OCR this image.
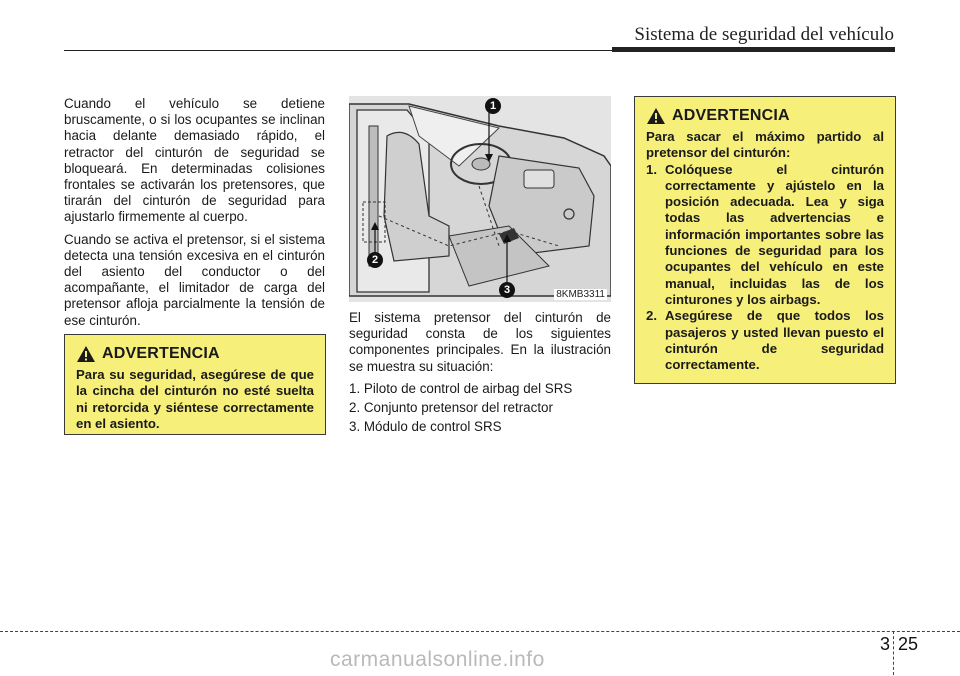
Sistema de seguridad del vehículo

Cuando el vehículo se detiene bruscamente, o si los ocupantes se inclinan hacia delante demasiado rápido, el retractor del cinturón de seguridad se bloqueará. En determinadas colisiones frontales se activarán los pretensores, que tirarán del cinturón de seguridad para ajustarlo firmemente al cuerpo.

Cuando se activa el pretensor, si el sistema detecta una tensión excesiva en el cinturón del asiento del conductor o del acompañante, el limitador de carga del pretensor afloja parcialmente la tensión de ese cinturón.

ADVERTENCIA
Para su seguridad, asegúrese de que la cincha del cinturón no esté suelta ni retorcida y siéntese correctamente en el asiento.
1
2
3	8KMB3311

El sistema pretensor del cinturón de seguridad consta de los siguientes componentes principales. En la ilustración se muestra su situación:

1. Piloto de control de airbag del SRS
2. Conjunto pretensor del retractor
3. Módulo de control SRS
ADVERTENCIA
Para sacar el máximo partido al pretensor del cinturón:
1. Colóquese el cinturón correctamente y ajústelo en la posición adecuada. Lea y siga todas las advertencias e información importantes sobre las funciones de seguridad para los ocupantes del vehículo en este manual, incluidas las de los cinturones y los airbags.
2. Asegúrese de que todos los pasajeros y usted llevan puesto el cinturón de seguridad correctamente.
3 25
carmanualsonline.info
